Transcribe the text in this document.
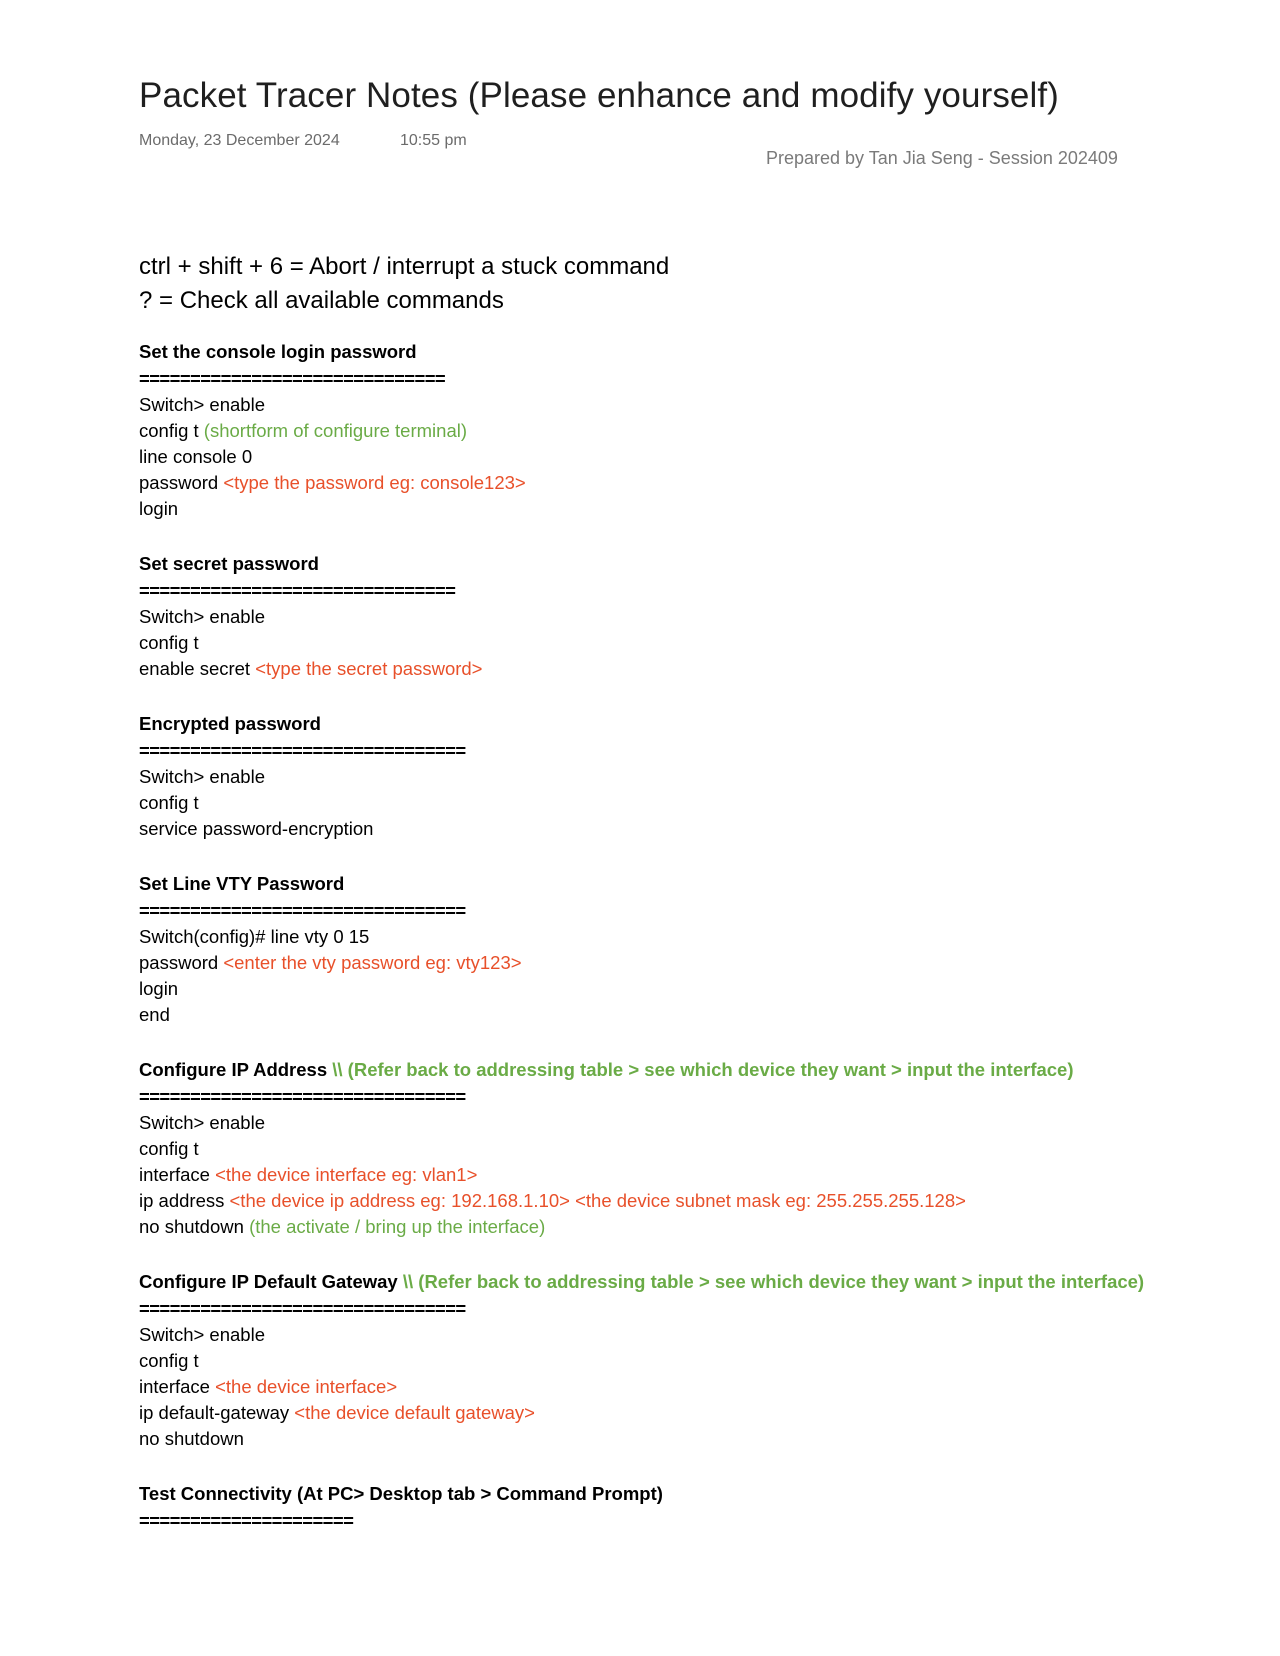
Packet Tracer Notes (Please enhance and modify yourself)
Monday, 23 December 2024	10:55 pm
Prepared by Tan Jia Seng - Session 202409
ctrl + shift + 6 = Abort / interrupt a stuck command
? = Check all available commands
Set the console login password
==============================
Switch> enable
config t (shortform of configure terminal)
line console 0
password <type the password eg: console123>
login
Set secret password
===============================
Switch> enable
config t
enable secret <type the secret password>
Encrypted password
================================
Switch> enable
config t
service password-encryption
Set Line VTY Password
================================
Switch(config)# line vty 0 15
password <enter the vty password eg: vty123>
login
end
Configure IP Address \\ (Refer back to addressing table > see which device they want > input the interface)
================================
Switch> enable
config t
interface <the device interface eg: vlan1>
ip address <the device ip address eg: 192.168.1.10> <the device subnet mask eg: 255.255.255.128>
no shutdown (the activate / bring up the interface)
Configure IP Default Gateway \\ (Refer back to addressing table > see which device they want > input the interface)
================================
Switch> enable
config t
interface <the device interface>
ip default-gateway <the device default gateway>
no shutdown
Test Connectivity (At PC> Desktop tab > Command Prompt)
=====================
